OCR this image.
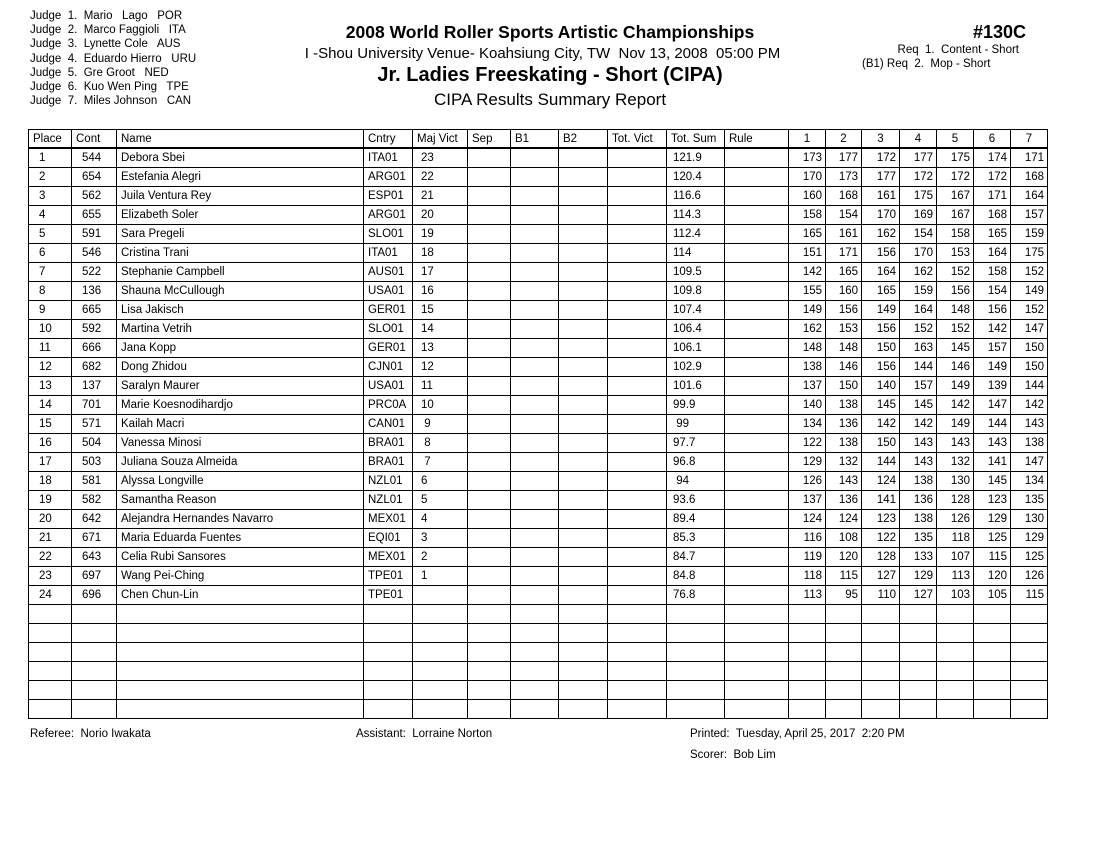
Judge  1. Mario   Lago POR
Judge  2. Marco Faggioli ITA
Judge  3. Lynette Cole AUS
Judge  4. Eduardo Hierro URU
Judge  5. Gre Groot NED
Judge  6. Kuo Wen Ping TPE
Judge  7. Miles Johnson CAN
2008 World Roller Sports Artistic Championships
I -Shou University Venue- Koahsiung City, TW  Nov 13, 2008  05:00 PM
Jr. Ladies Freeskating - Short (CIPA)
CIPA Results Summary Report
#130C
Req  1.  Content - Short
(B1) Req  2.  Mop - Short
Place	Cont	Name	Cntry	Maj Vict	Sep	B1	B2	Tot. Vict	Tot. Sum	Rule	1	2	3	4	5	6	7
1	544	Debora Sbei	ITA01	23					121.9		173	177	172	177	175	174	171
2	654	Estefania Alegri	ARG01	22					120.4		170	173	177	172	172	172	168
3	562	Juila Ventura Rey	ESP01	21					116.6		160	168	161	175	167	171	164
4	655	Elizabeth Soler	ARG01	20					114.3		158	154	170	169	167	168	157
5	591	Sara Pregeli	SLO01	19					112.4		165	161	162	154	158	165	159
6	546	Cristina Trani	ITA01	18					114		151	171	156	170	153	164	175
7	522	Stephanie Campbell	AUS01	17					109.5		142	165	164	162	152	158	152
8	136	Shauna McCullough	USA01	16					109.8		155	160	165	159	156	154	149
9	665	Lisa Jakisch	GER01	15					107.4		149	156	149	164	148	156	152
10	592	Martina Vetrih	SLO01	14					106.4		162	153	156	152	152	142	147
11	666	Jana Kopp	GER01	13					106.1		148	148	150	163	145	157	150
12	682	Dong Zhidou	CJN01	12					102.9		138	146	156	144	146	149	150
13	137	Saralyn Maurer	USA01	11					101.6		137	150	140	157	149	139	144
14	701	Marie Koesnodihardjo	PRC0A	10					99.9		140	138	145	145	142	147	142
15	571	Kailah Macri	CAN01	9					99		134	136	142	142	149	144	143
16	504	Vanessa Minosi	BRA01	8					97.7		122	138	150	143	143	143	138
17	503	Juliana Souza Almeida	BRA01	7					96.8		129	132	144	143	132	141	147
18	581	Alyssa Longville	NZL01	6					94		126	143	124	138	130	145	134
19	582	Samantha Reason	NZL01	5					93.6		137	136	141	136	128	123	135
20	642	Alejandra Hernandes Navarro	MEX01	4					89.4		124	124	123	138	126	129	130
21	671	Maria Eduarda Fuentes	EQI01	3					85.3		116	108	122	135	118	125	129
22	643	Celia Rubi Sansores	MEX01	2					84.7		119	120	128	133	107	115	125
23	697	Wang Pei-Ching	TPE01	1					84.8		118	115	127	129	113	120	126
24	696	Chen Chun-Lin	TPE01						76.8		113	95	110	127	103	105	115

Referee:  Norio Iwakata	Assistant:  Lorraine Norton	Printed:  Tuesday, April 25, 2017  2:20 PM
Scorer:  Bob Lim
